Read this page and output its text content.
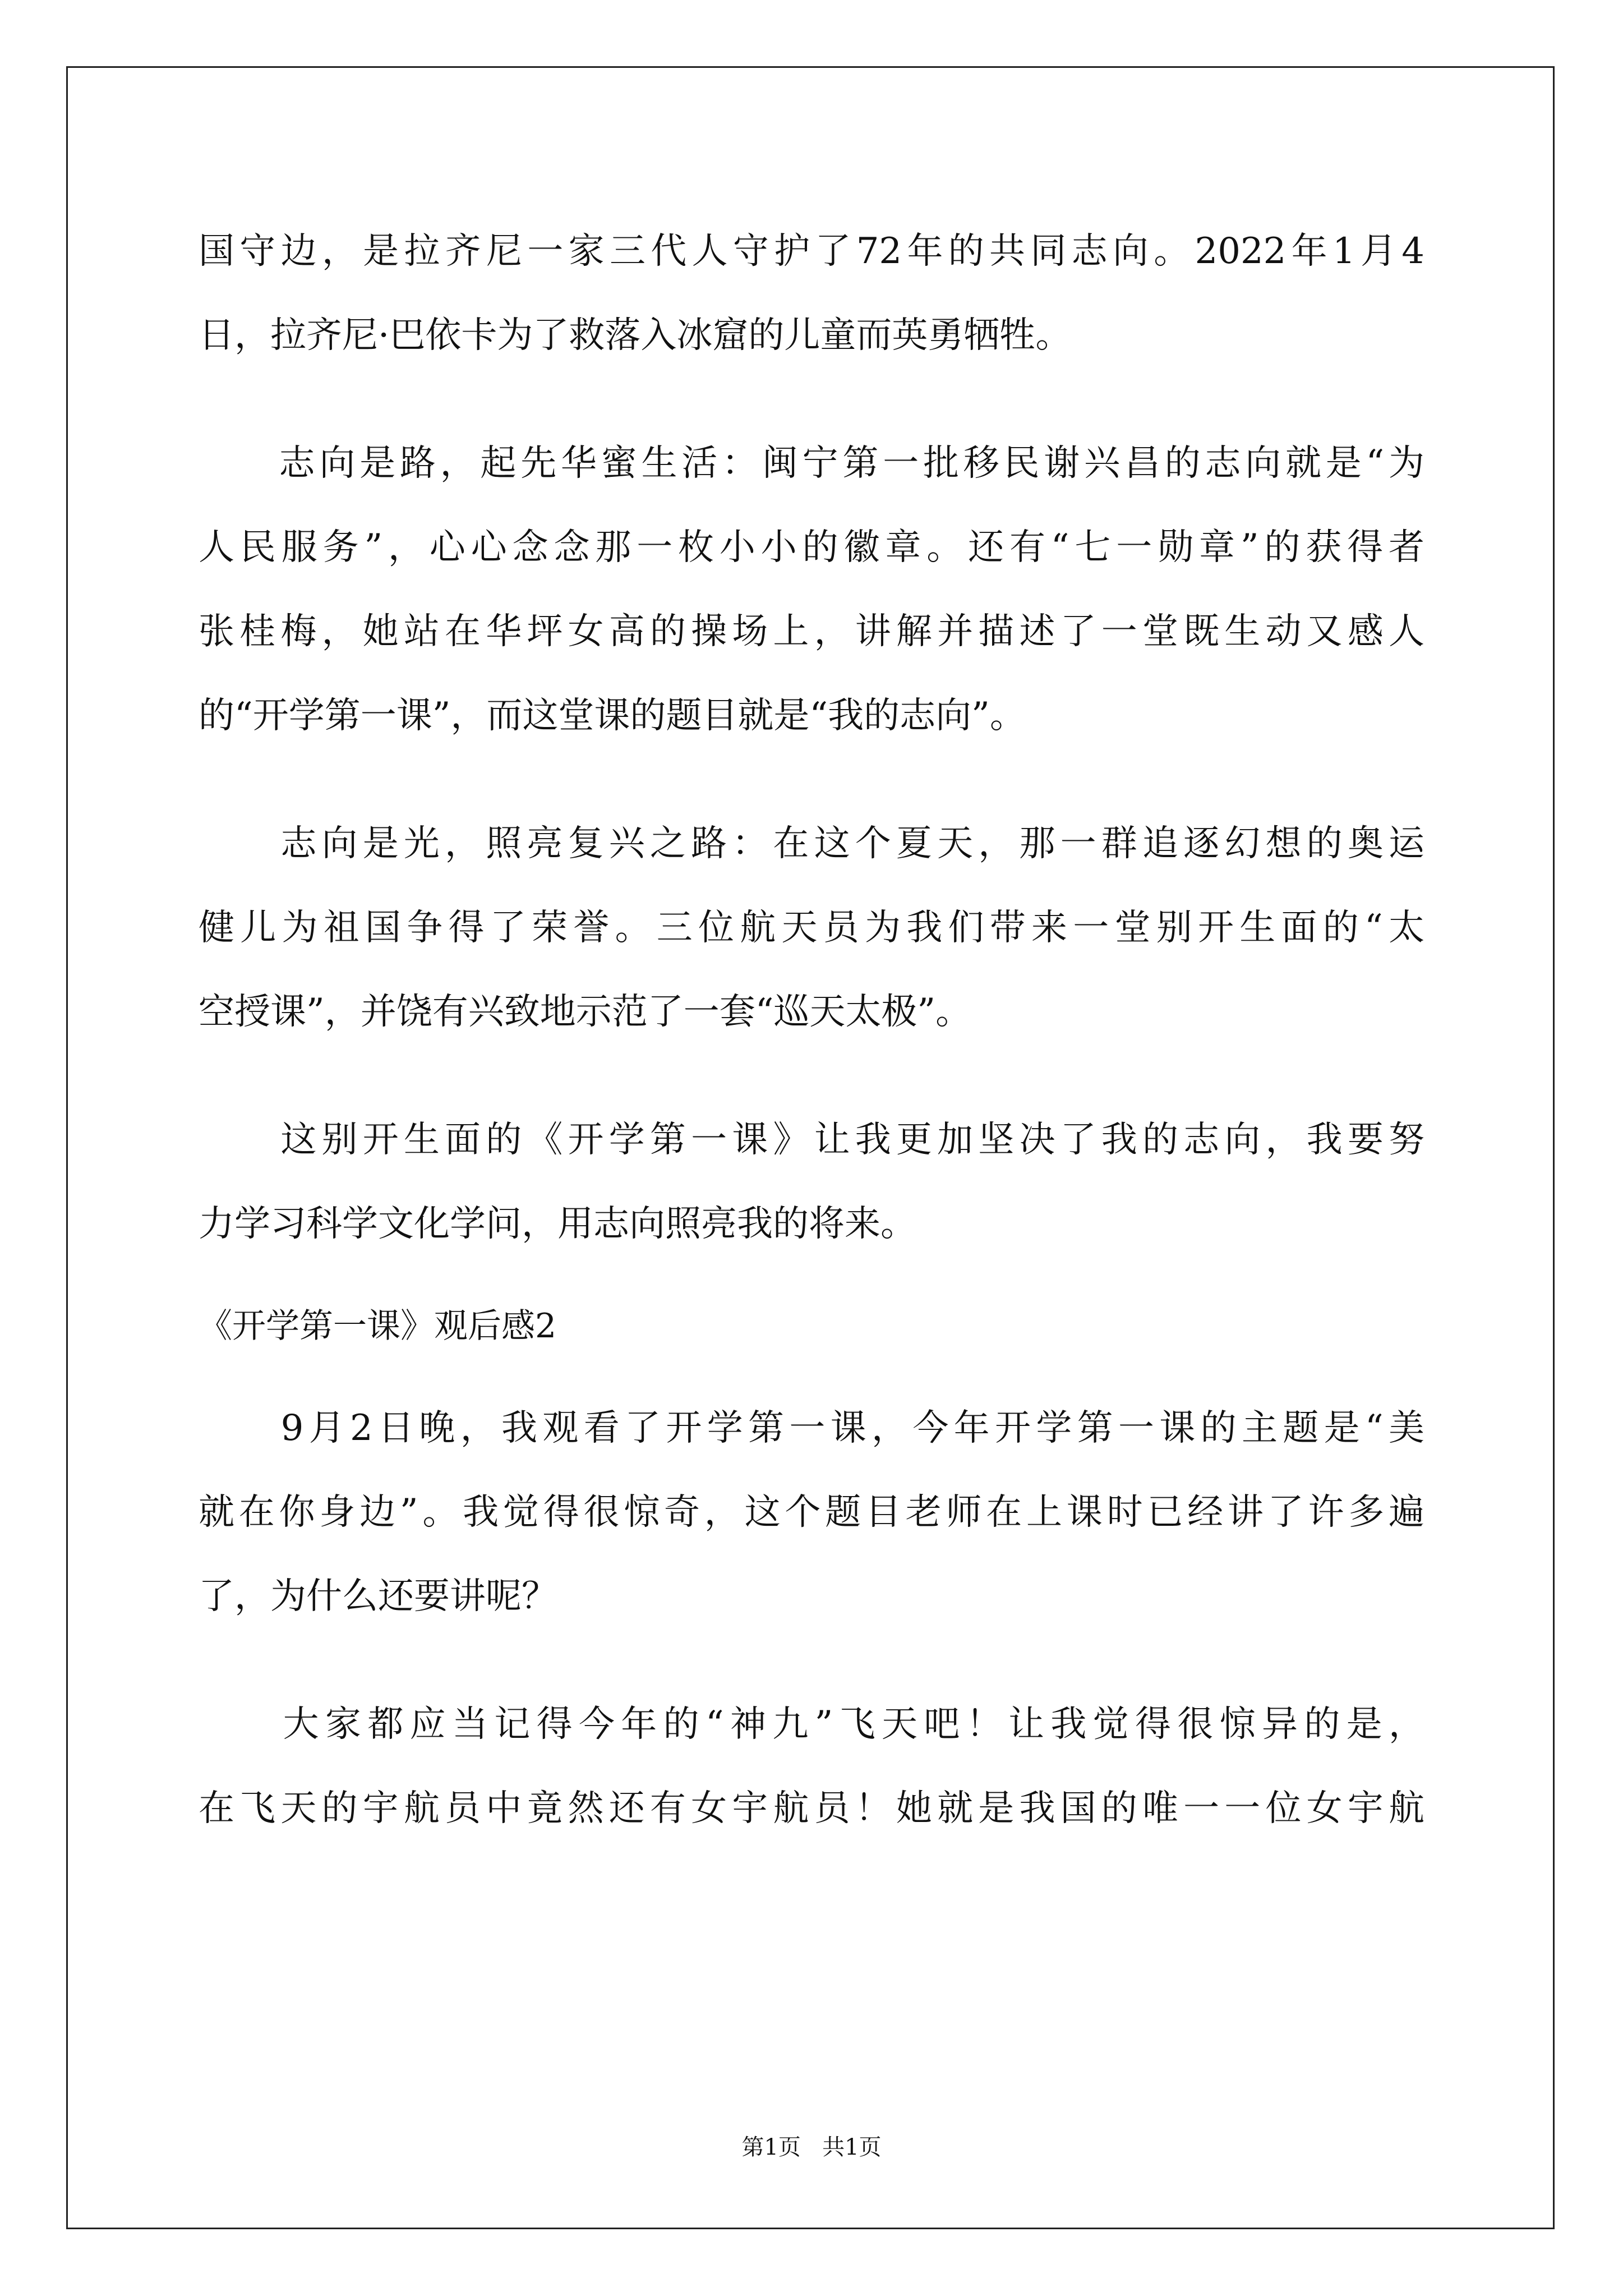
国守边，是拉齐尼一家三代人守护了72年的共同志向。2022年1月4

日，拉齐尼·巴依卡为了救落入冰窟的儿童而英勇牺牲。

　　志向是路，起先华蜜生活：闽宁第一批移民谢兴昌的志向就是“为

人民服务”，心心念念那一枚小小的徽章。还有“七一勋章”的获得者

张桂梅，她站在华坪女高的操场上，讲解并描述了一堂既生动又感人

的“开学第一课”，而这堂课的题目就是“我的志向”。

　　志向是光，照亮复兴之路：在这个夏天，那一群追逐幻想的奥运

健儿为祖国争得了荣誉。三位航天员为我们带来一堂别开生面的“太

空授课”，并饶有兴致地示范了一套“巡天太极”。

　　这别开生面的《开学第一课》让我更加坚决了我的志向，我要努

力学习科学文化学问，用志向照亮我的将来。

《开学第一课》观后感2

　　9月2日晚，我观看了开学第一课，今年开学第一课的主题是“美

就在你身边”。我觉得很惊奇，这个题目老师在上课时已经讲了许多遍

了，为什么还要讲呢？

　　大家都应当记得今年的“神九”飞天吧！让我觉得很惊异的是，

在飞天的宇航员中竟然还有女宇航员！她就是我国的唯一一位女宇航

第1页 共1页
